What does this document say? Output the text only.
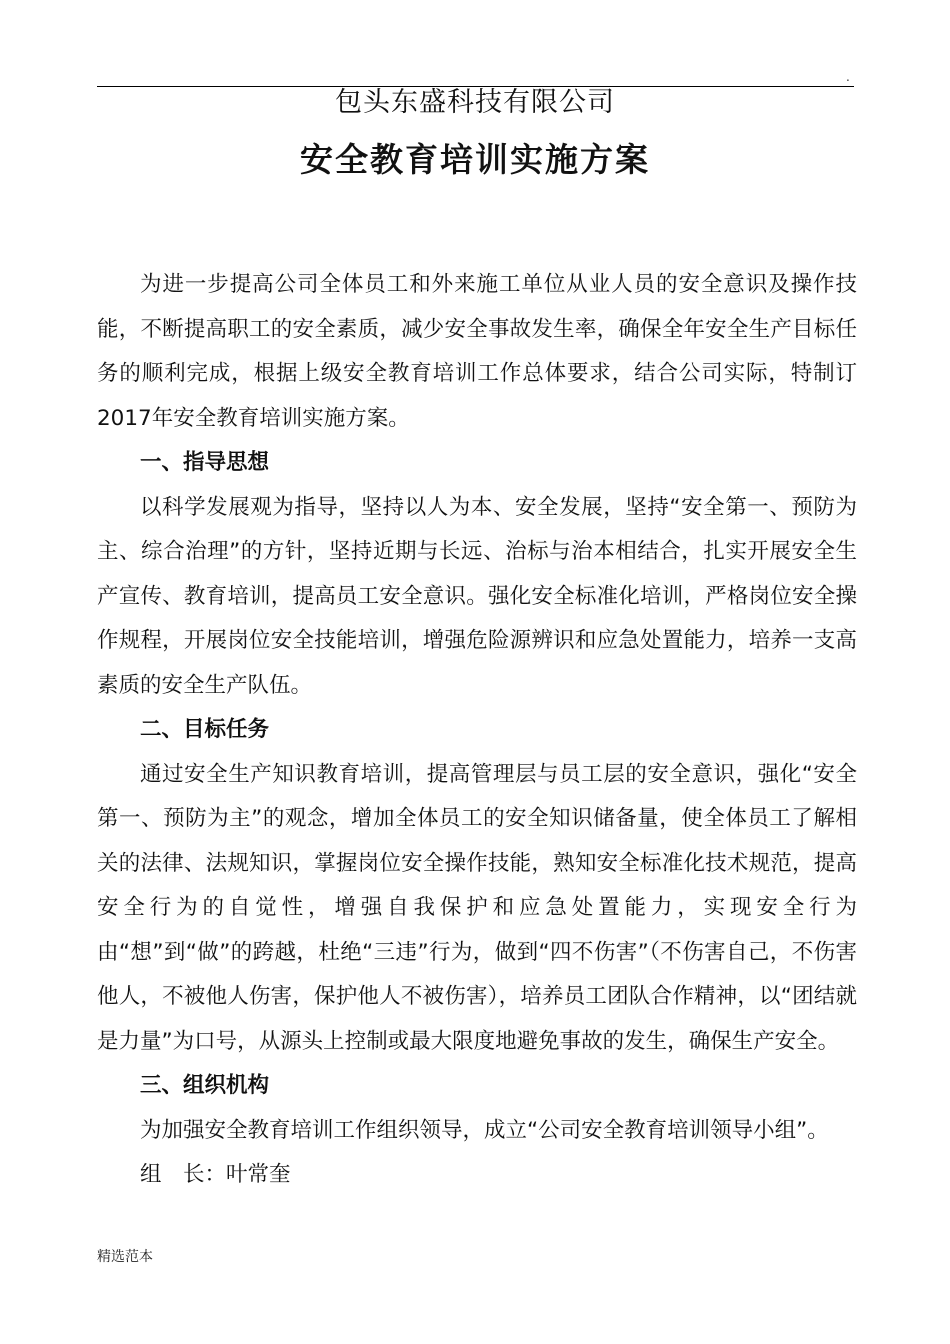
.
包头东盛科技有限公司
安全教育培训实施方案

为进一步提高公司全体员工和外来施工单位从业人员的安全意识及操作技能，不断提高职工的安全素质，减少安全事故发生率，确保全年安全生产目标任务的顺利完成，根据上级安全教育培训工作总体要求，结合公司实际，特制订2017年安全教育培训实施方案。

一、指导思想

以科学发展观为指导，坚持以人为本、安全发展，坚持“安全第一、预防为主、综合治理”的方针，坚持近期与长远、治标与治本相结合，扎实开展安全生产宣传、教育培训，提高员工安全意识。强化安全标准化培训，严格岗位安全操作规程，开展岗位安全技能培训，增强危险源辨识和应急处置能力，培养一支高素质的安全生产队伍。

二、目标任务

通过安全生产知识教育培训，提高管理层与员工层的安全意识，强化“安全第一、预防为主”的观念，增加全体员工的安全知识储备量，使全体员工了解相关的法律、法规知识，掌握岗位安全操作技能，熟知安全标准化技术规范，提高安全行为的自觉性，增强自我保护和应急处置能力，实现安全行为由“想”到“做”的跨越，杜绝“三违”行为，做到“四不伤害”（不伤害自己，不伤害他人，不被他人伤害，保护他人不被伤害），培养员工团队合作精神，以“团结就是力量”为口号，从源头上控制或最大限度地避免事故的发生，确保生产安全。

三、组织机构

为加强安全教育培训工作组织领导，成立“公司安全教育培训领导小组”。

组　长：叶常奎

精选范本
